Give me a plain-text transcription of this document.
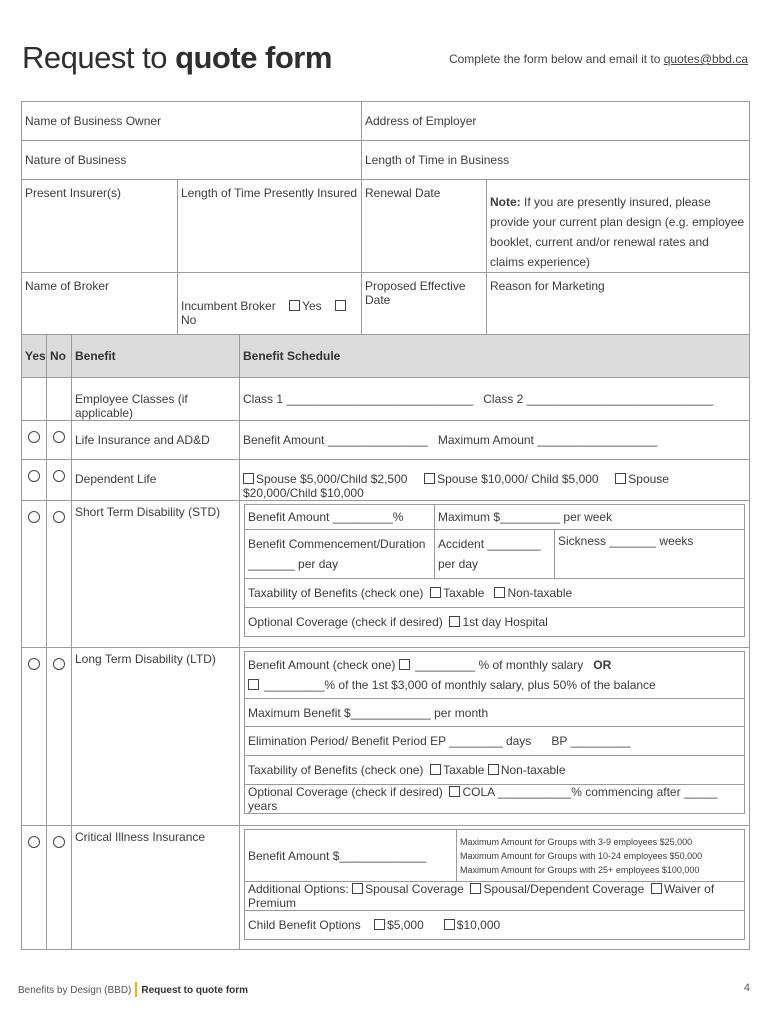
Request to quote form	Complete the form below and email it to quotes@bbd.ca
Name of Business Owner		Address of Employer	
Nature of Business		Length of Time in Business	
Present Insurer(s)	Length of Time Presently Insured	Renewal Date	Note: If you are presently insured, please provide your current plan design (e.g. employee booklet, current and/or renewal rates and claims experience)
Name of Broker	Incumbent Broker Yes    No	Proposed Effective Date	Reason for Marketing
Yes	No	Benefit	Benefit Schedule
		Employee Classes (if applicable)	Class 1 ____________________________ Class 2 ____________________________
		Life Insurance and AD&D	Benefit Amount _______________ Maximum Amount __________________
		Dependent Life	Spouse $5,000/Child $2,500 Spouse $10,000/ Child $5,000 Spouse $20,000/Child $10,000
		Short Term Disability (STD)	Benefit Amount _________%	Maximum $_________ per week
Benefit Commencement/Duration _______ per day	Accident ________ per day	Sickness _______ weeks
Taxability of Benefits (check one) Taxable Non-taxable
Optional Coverage (check if desired) 1st day Hospital

		Long Term Disability (LTD)		Benefit Amount (check one) _________ % of monthly salary OR
_________% of the 1st $3,000 of monthly salary, plus 50% of the balance
Maximum Benefit $____________ per month
Elimination Period/ Benefit Period EP ________ days BP _________
Taxability of Benefits (check one) Taxable Non-taxable
Optional Coverage (check if desired) COLA ___________% commencing after _____ years

		Critical Illness Insurance	
Benefit Amount $_____________	Maximum Amount for Groups with 3-9 employees $25,000
Maximum Amount for Groups with 10-24 employees $50,000
Maximum Amount for Groups with 25+ employees $100,000
Additional Options: Spousal Coverage Spousal/Dependent Coverage Waiver of Premium
Child Benefit Options $5,000	$10,000
Benefits by Design (BBD) Request to quote form	4
